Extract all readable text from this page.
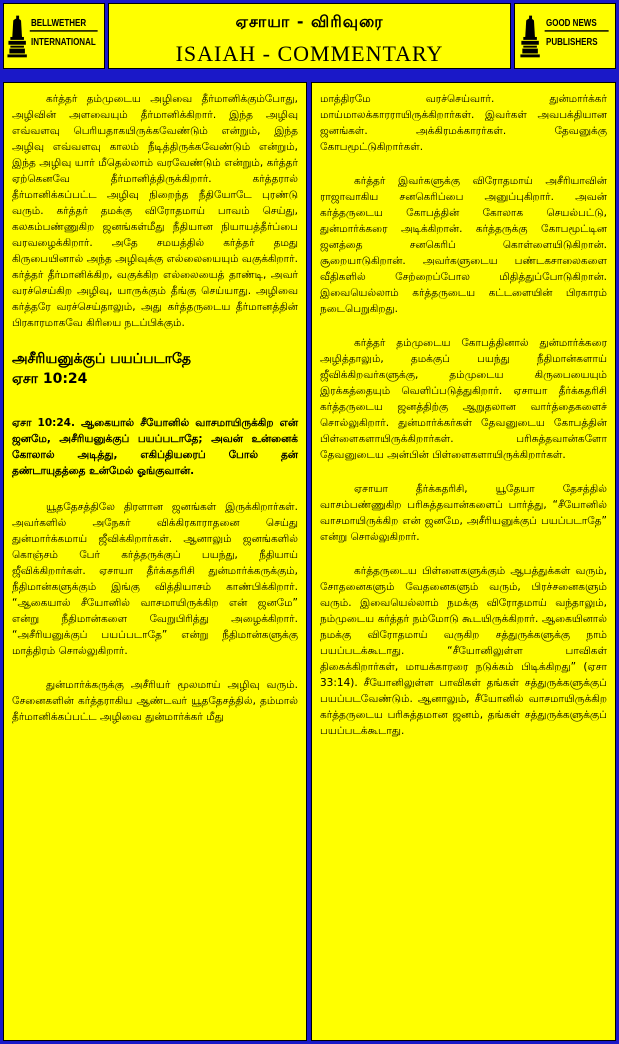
BELLWETHER
INTERNATIONAL
ஏசாயா - விரிவுரை
ISAIAH - COMMENTARY
GOOD NEWS
PUBLISHERS

கர்த்தர் தம்முடைய அழிவை தீர்மானிக்கும்போது, அழிவின் அளவையும் தீர்மானிக்கிறார். இந்த அழிவு எவ்வளவு பெரியதாகயிருக்கவேண்டும் என்றும், இந்த அழிவு எவ்வளவு காலம் நீடித்திருக்கவேண்டும் என்றும், இந்த அழிவு யார் மீதெல்லாம் வரவேண்டும் என்றும், கர்த்தர் ஏற்கெனவே தீர்மானித்திருக்கிறார். கர்த்தரால் தீர்மானிக்கப்பட்ட அழிவு நிறைந்த நீதியோடே புரண்டு வரும். கர்த்தர் தமக்கு விரோதமாய் பாவம் செய்து, கலகம்பண்ணுகிற ஜனங்கள்மீது நீதியான நியாயத்தீர்ப்பை வரவழைக்கிறார். அதே சமயத்தில் கர்த்தர் தமது கிருபையினால் அந்த அழிவுக்கு எல்லையையும் வகுக்கிறார். கர்த்தர் தீர்மானிக்கிற, வகுக்கிற எல்லையைத் தாண்டி, அவர் வரச்செய்கிற அழிவு, யாருக்கும் தீங்கு செய்யாது. அழிவை கர்த்தரே வரச்செய்தாலும், அது கர்த்தருடைய தீர்மானத்தின் பிரகாரமாகவே கிரியை நடப்பிக்கும்.

அசீரியனுக்குப் பயப்படாதே
ஏசா 10:24

ஏசா 10:24. ஆகையால் சீயோனில் வாசமாயிருக்கிற என் ஜனமே, அசீரியனுக்குப் பயப்படாதே; அவன் உன்னைக் கோலால் அடித்து, எகிப்தியரைப் போல் தன் தண்டாயுதத்தை உன்மேல் ஓங்குவான்.

யூததேசத்திலே திரளான ஜனங்கள் இருக்கிறார்கள். அவர்களில் அநேகர் விக்கிரகாராதனை செய்து துன்மார்க்கமாய் ஜீவிக்கிறார்கள். ஆனாலும் ஜனங்களில் கொஞ்சம் பேர் கர்த்தருக்குப் பயந்து, நீதியாய் ஜீவிக்கிறார்கள். ஏசாயா தீர்க்கதரிசி துன்மார்க்கருக்கும், நீதிமான்களுக்கும் இங்கு வித்தியாசம் காண்பிக்கிறார். “ஆகையால் சீயோனில் வாசமாயிருக்கிற என் ஜனமே” என்று நீதிமான்களை வேறுபிரித்து அழைக்கிறார். “அசீரியனுக்குப் பயப்படாதே” என்று நீதிமான்களுக்கு மாத்திரம் சொல்லுகிறார்.

துன்மார்க்கருக்கு அசீரியர் மூலமாய் அழிவு வரும். சேனைகளின் கர்த்தராகிய ஆண்டவர் யூததேசத்தில், தம்மால் தீர்மானிக்கப்பட்ட அழிவை துன்மார்க்கர் மீது

மாத்திரமே வரச்செய்வார். துன்மார்க்கர் மாய்மாலக்காரராயிருக்கிறார்கள். இவர்கள் அவபக்தியான ஜனங்கள். அக்கிரமக்காரர்கள். தேவனுக்கு கோபமூட்டுகிறார்கள்.

கர்த்தர் இவர்களுக்கு விரோதமாய் அசீரியாவின் ராஜாவாகிய சனகெரிப்பை அனுப்புகிறார். அவன் கர்த்தருடைய கோபத்தின் கோலாக செயல்பட்டு, துன்மார்க்கரை அடிக்கிறான். கர்த்தருக்கு கோபமூட்டின ஜனத்தை சனகெரிப் கொள்ளையிடுகிறான். சூறையாடுகிறான். அவர்களுடைய பண்டகசாலைகளை வீதிகளில் சேற்றைப்போல மிதித்துப்போடுகிறான். இவையெல்லாம் கர்த்தருடைய கட்டளையின் பிரகாரம் நடைபெறுகிறது.

கர்த்தர் தம்முடைய கோபத்தினால் துன்மார்க்கரை அழித்தாலும், தமக்குப் பயந்து நீதிமான்களாய் ஜீவிக்கிறவர்களுக்கு, தம்முடைய கிருபையையும் இரக்கத்தையும் வெளிப்படுத்துகிறார். ஏசாயா தீர்க்கதரிசி கர்த்தருடைய ஜனத்திற்கு ஆறுதலான வார்த்தைகளைச் சொல்லுகிறார். துன்மார்க்கர்கள் தேவனுடைய கோபத்தின் பிள்ளைகளாயிருக்கிறார்கள். பரிசுத்தவான்களோ தேவனுடைய அன்பின் பிள்ளைகளாயிருக்கிறார்கள்.

ஏசாயா தீர்க்கதரிசி, யூதேயா தேசத்தில் வாசம்பண்ணுகிற பரிசுத்தவான்களைப் பார்த்து, “சீயோனில் வாசமாயிருக்கிற என் ஜனமே, அசீரியனுக்குப் பயப்படாதே” என்று சொல்லுகிறார்.

கர்த்தருடைய பிள்ளைகளுக்கும் ஆபத்துக்கள் வரும், சோதனைகளும் வேதனைகளும் வரும், பிரச்சனைகளும் வரும். இவையெல்லாம் நமக்கு விரோதமாய் வந்தாலும், நம்முடைய கர்த்தர் நம்மோடு கூடயிருக்கிறார். ஆகையினால் நமக்கு விரோதமாய் வருகிற சத்துருக்களுக்கு நாம் பயப்படக்கூடாது. “சீயோனிலுள்ள பாவிகள் திகைக்கிறார்கள், மாயக்காரரை நடுக்கம் பிடிக்கிறது” (ஏசா 33:14). சீயோனிலுள்ள பாவிகள் தங்கள் சத்துருக்களுக்குப் பயப்படவேண்டும். ஆனாலும், சீயோனில் வாசமாயிருக்கிற கர்த்தருடைய பரிசுத்தமான ஜனம், தங்கள் சத்துருக்களுக்குப் பயப்படக்கூடாது.
